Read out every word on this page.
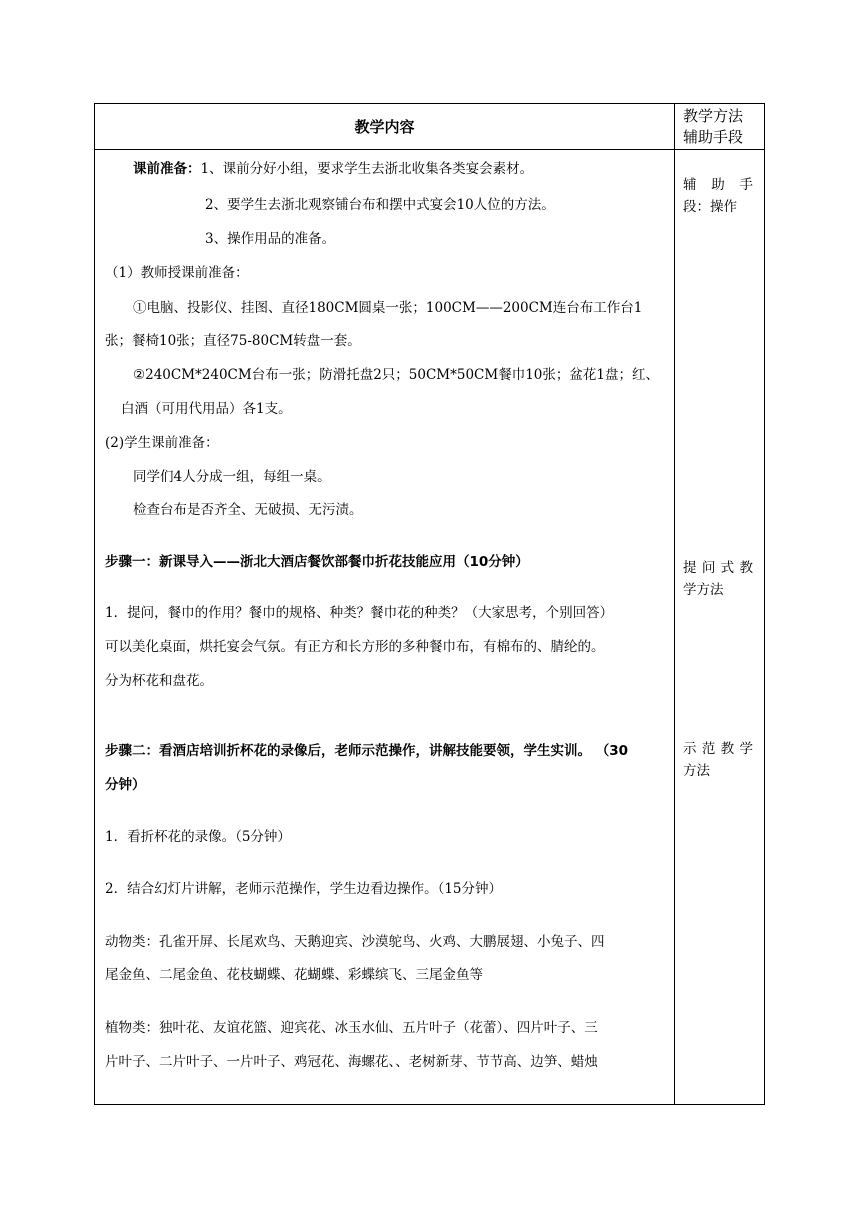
教学内容
教学方法
辅助手段
课前准备：1、课前分好小组，要求学生去浙北收集各类宴会素材。
2、要学生去浙北观察铺台布和摆中式宴会10人位的方法。
3、操作用品的准备。
（1）教师授课前准备：
①电脑、投影仪、挂图、直径180CM圆桌一张；100CM——200CM连台布工作台1
张；餐椅10张；直径75-80CM转盘一套。
②240CM*240CM台布一张；防滑托盘2只；50CM*50CM餐巾10张；盆花1盘；红、
白酒（可用代用品）各1支。
(2)学生课前准备：
同学们4人分成一组，每组一桌。
检查台布是否齐全、无破损、无污渍。
步骤一：新课导入——浙北大酒店餐饮部餐巾折花技能应用（10分钟）
1．提问，餐巾的作用？餐巾的规格、种类？餐巾花的种类？（大家思考，个别回答）
可以美化桌面，烘托宴会气氛。有正方和长方形的多种餐巾布，有棉布的、腈纶的。
分为杯花和盘花。
步骤二：看酒店培训折杯花的录像后，老师示范操作，讲解技能要领，学生实训。 （30
分钟）
1．看折杯花的录像。（5分钟）
2．结合幻灯片讲解，老师示范操作，学生边看边操作。（15分钟）
动物类：孔雀开屏、长尾欢鸟、天鹅迎宾、沙漠鸵鸟、火鸡、大鹏展翅、小兔子、四
尾金鱼、二尾金鱼、花枝蝴蝶、花蝴蝶、彩蝶缤飞、三尾金鱼等
植物类：独叶花、友谊花篮、迎宾花、冰玉水仙、五片叶子（花蕾）、四片叶子、三
片叶子、二片叶子、一片叶子、鸡冠花、海螺花、、老树新芽、节节高、边笋、蜡烛
辅 助 手
段：操作
提 问 式 教
学方法
示 范 教 学
方法
